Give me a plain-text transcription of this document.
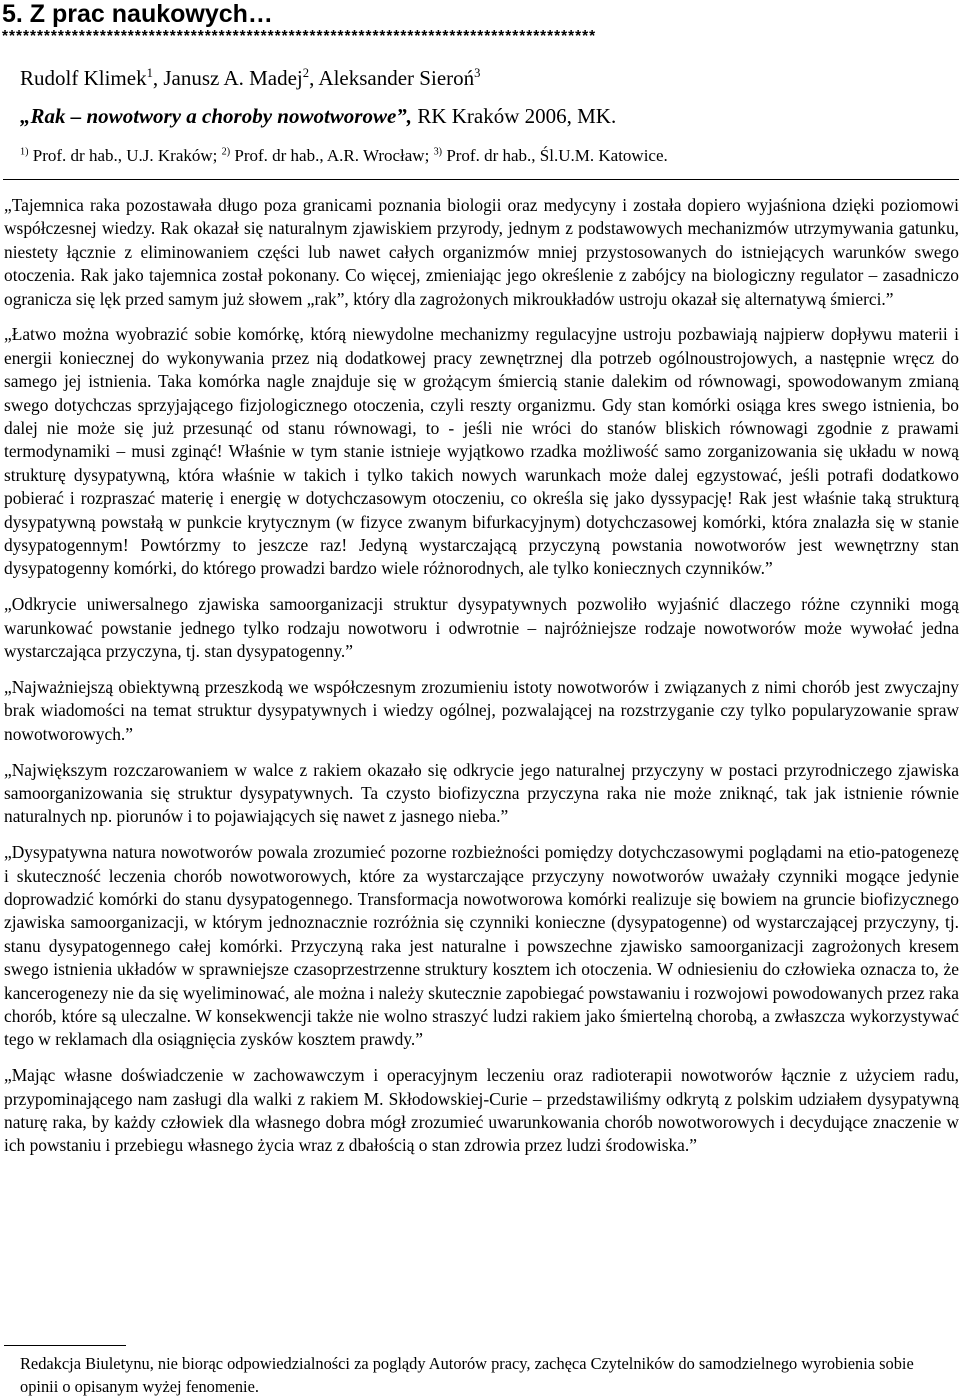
5. Z prac naukowych…
*************************************************************************************
Rudolf Klimek$^1$, Janusz A. Madej$^2$, Aleksander Sieroń$^3$
„Rak – nowotwory a choroby nowotworowe”, RK Kraków 2006, MK.
$^{1)}$ Prof. dr hab., U.J. Kraków; $^{2)}$ Prof. dr hab., A.R. Wrocław; $^{3)}$ Prof. dr hab., Śl.U.M. Katowice.

„Tajemnica raka pozostawała długo poza granicami poznania biologii oraz medycyny i została dopiero wyjaśniona dzięki poziomowi współczesnej wiedzy. Rak okazał się naturalnym zjawiskiem przyrody, jednym z podstawowych mechanizmów utrzymywania gatunku, niestety łącznie z eliminowaniem części lub nawet całych organizmów mniej przystosowanych do istniejących warunków swego otoczenia. Rak jako tajemnica został pokonany. Co więcej, zmieniając jego określenie z zabójcy na biologiczny regulator – zasadniczo ogranicza się lęk przed samym już słowem „rak”, który dla zagrożonych mikroukładów ustroju okazał się alternatywą śmierci.”

„Łatwo można wyobrazić sobie komórkę, którą niewydolne mechanizmy regulacyjne ustroju pozbawiają najpierw dopływu materii i energii koniecznej do wykonywania przez nią dodatkowej pracy zewnętrznej dla potrzeb ogólnoustrojowych, a następnie wręcz do samego jej istnienia. Taka komórka nagle znajduje się w grożącym śmiercią stanie dalekim od równowagi, spowodowanym zmianą swego dotychczas sprzyjającego fizjologicznego otoczenia, czyli reszty organizmu. Gdy stan komórki osiąga kres swego istnienia, bo dalej nie może się już przesunąć od stanu równowagi, to - jeśli nie wróci do stanów bliskich równowagi zgodnie z prawami termodynamiki – musi zginąć! Właśnie w tym stanie istnieje wyjątkowo rzadka możliwość samo zorganizowania się układu w nową strukturę dysypatywną, która właśnie w takich i tylko takich nowych warunkach może dalej egzystować, jeśli potrafi dodatkowo pobierać i rozpraszać materię i energię w dotychczasowym otoczeniu, co określa się jako dyssypację! Rak jest właśnie taką strukturą dysypatywną powstałą w punkcie krytycznym (w fizyce zwanym bifurkacyjnym) dotychczasowej komórki, która znalazła się w stanie dysypatogennym! Powtórzmy to jeszcze raz! Jedyną wystarczającą przyczyną powstania nowotworów jest wewnętrzny stan dysypatogenny komórki, do którego prowadzi bardzo wiele różnorodnych, ale tylko koniecznych czynników.”

„Odkrycie uniwersalnego zjawiska samoorganizacji struktur dysypatywnych pozwoliło wyjaśnić dlaczego różne czynniki mogą warunkować powstanie jednego tylko rodzaju nowotworu i odwrotnie – najróżniejsze rodzaje nowotworów może wywołać jedna wystarczająca przyczyna, tj. stan dysypatogenny.”

„Najważniejszą obiektywną przeszkodą we współczesnym zrozumieniu istoty nowotworów i związanych z nimi chorób jest zwyczajny brak wiadomości na temat struktur dysypatywnych i wiedzy ogólnej, pozwalającej na rozstrzyganie czy tylko popularyzowanie spraw nowotworowych.”

„Największym rozczarowaniem w walce z rakiem okazało się odkrycie jego naturalnej przyczyny w postaci przyrodniczego zjawiska samoorganizowania się struktur dysypatywnych. Ta czysto biofizyczna przyczyna raka nie może zniknąć, tak jak istnienie równie naturalnych np. piorunów i to pojawiających się nawet z jasnego nieba.”

„Dysypatywna natura nowotworów powala zrozumieć pozorne rozbieżności pomiędzy dotychczasowymi poglądami na etio-patogenezę i skuteczność leczenia chorób nowotworowych, które za wystarczające przyczyny nowotworów uważały czynniki mogące jedynie doprowadzić komórki do stanu dysypatogennego. Transformacja nowotworowa komórki realizuje się bowiem na gruncie biofizycznego zjawiska samoorganizacji, w którym jednoznacznie rozróżnia się czynniki konieczne (dysypatogenne) od wystarczającej przyczyny, tj. stanu dysypatogennego całej komórki. Przyczyną raka jest naturalne i powszechne zjawisko samoorganizacji zagrożonych kresem swego istnienia układów w sprawniejsze czasoprzestrzenne struktury kosztem ich otoczenia. W odniesieniu do człowieka oznacza to, że kancerogenezy nie da się wyeliminować, ale można i należy skutecznie zapobiegać powstawaniu i rozwojowi powodowanych przez raka chorób, które są uleczalne. W konsekwencji także nie wolno straszyć ludzi rakiem jako śmiertelną chorobą, a zwłaszcza wykorzystywać tego w reklamach dla osiągnięcia zysków kosztem prawdy.”

„Mając własne doświadczenie w zachowawczym i operacyjnym leczeniu oraz radioterapii nowotworów łącznie z użyciem radu, przypominającego nam zasługi dla walki z rakiem M. Skłodowskiej-Curie – przedstawiliśmy odkrytą z polskim udziałem dysypatywną naturę raka, by każdy człowiek dla własnego dobra mógł zrozumieć uwarunkowania chorób nowotworowych i decydujące znaczenie w ich powstaniu i przebiegu własnego życia wraz z dbałością o stan zdrowia przez ludzi środowiska.”

Redakcja Biuletynu, nie biorąc odpowiedzialności za poglądy Autorów pracy, zachęca Czytelników do samodzielnego wyrobienia sobie opinii o opisanym wyżej fenomenie.
